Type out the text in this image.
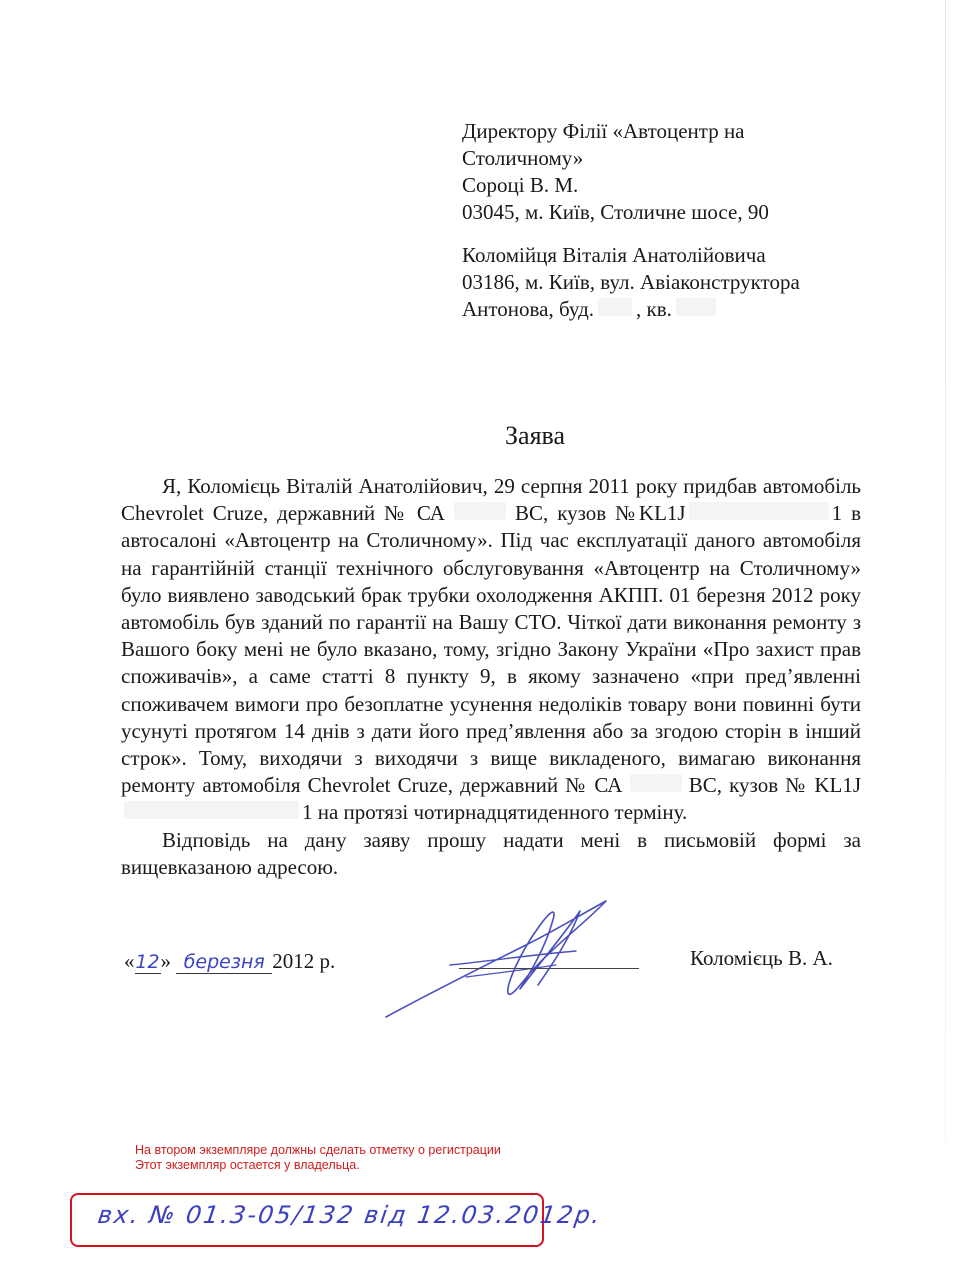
Директору Філії «Автоцентр на
Столичному»
Сороці В. М.
03045, м. Київ, Столичне шосе, 90
Коломійця Віталія Анатолійовича
03186, м. Київ, вул. Авіаконструктора
Антонова, буд. , кв.
Заява

Я, Коломієць Віталій Анатолійович, 29 серпня 2011 року придбав автомобіль Chevrolet Cruze, державний № СА	ВС, кузов №KL1J	1 в автосалоні «Автоцентр на Столичному». Під час експлуатації даного автомобіля на гарантійній станції технічного обслуговування «Автоцентр на Столичному» було виявлено заводський брак трубки охолодження АКПП. 01 березня 2012 року автомобіль був зданий по гарантії на Вашу СТО. Чіткої дати виконання ремонту з Вашого боку мені не було вказано, тому, згідно Закону України «Про захист прав споживачів», а саме статті 8 пункту 9, в якому зазначено «при пред’явленні споживачем вимоги про безоплатне усунення недоліків товару вони повинні бути усунуті протягом 14 днів з дати його пред’явлення або за згодою сторін в інший строк». Тому, виходячи з виходячи з вище викладеного, вимагаю виконання ремонту автомобіля Chevrolet Cruze, державний № СА	ВС, кузов № KL1J 1 на протязі чотирнадцятиденного терміну.

Відповідь на дану заяву прошу надати мені в письмовій формі за вищевказаною адресою.

«12» березня 2012 р.	Коломієць В. А.
На втором экземпляре должны сделать отметку о регистрации
Этот экземпляр остается у владельца.
вх. № 01.3-05/132 від 12.03.2012р.
